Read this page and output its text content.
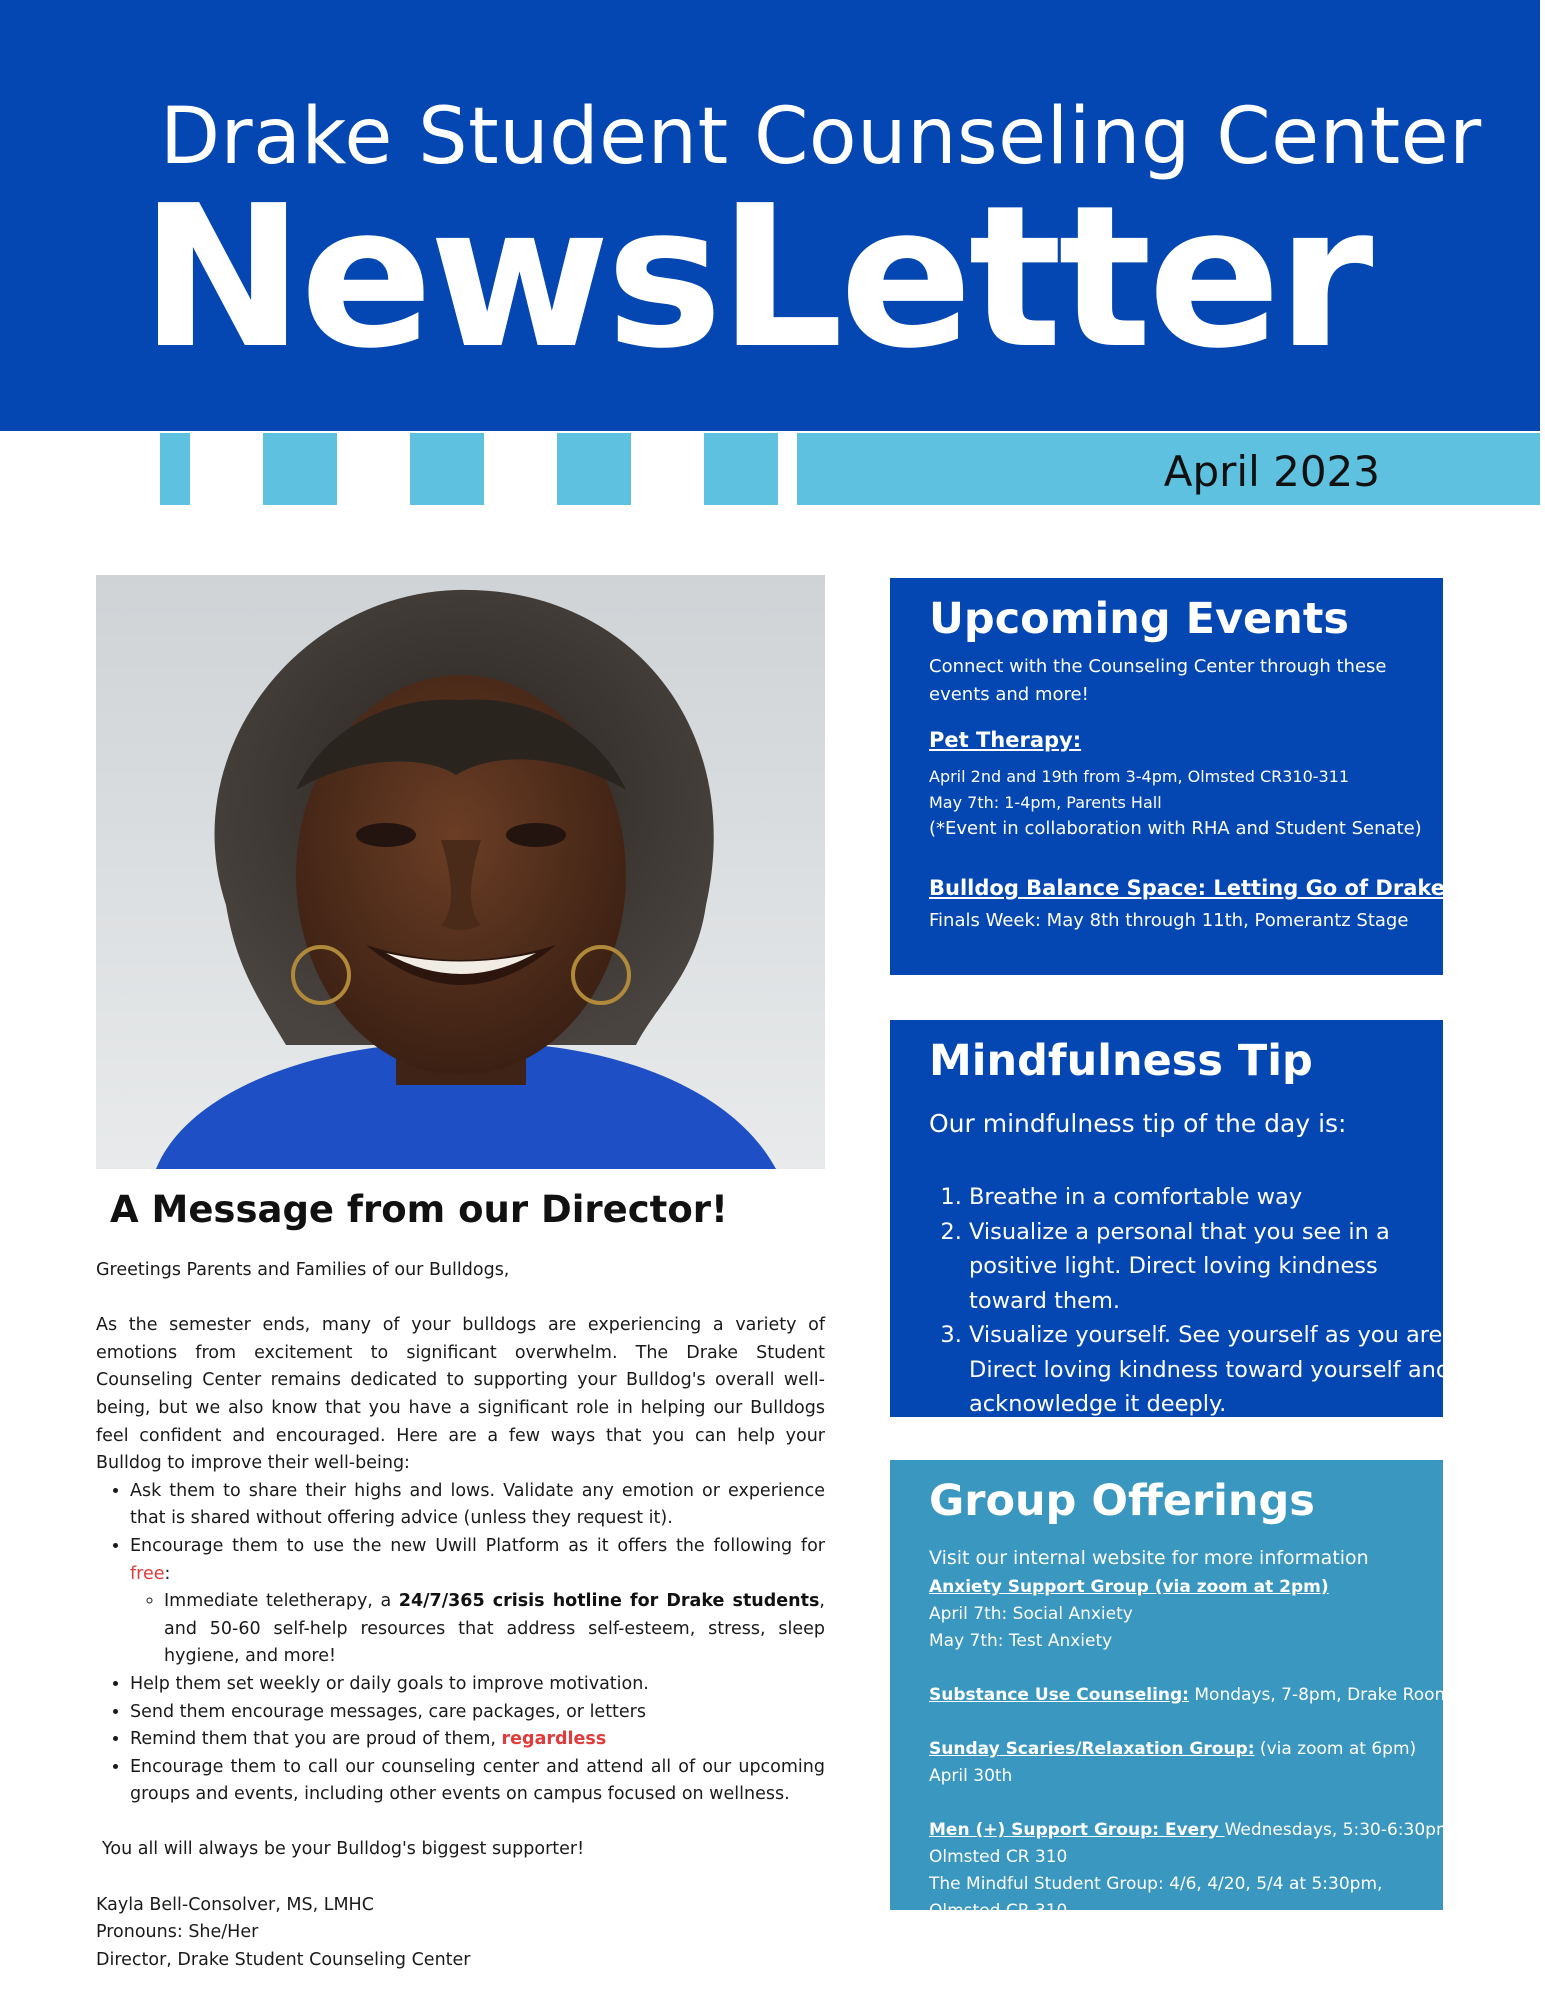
Drake Student Counseling Center
NewsLetter
April 2023
A Message from our Director!

Greetings Parents and Families of our Bulldogs,

As the semester ends, many of your bulldogs are experiencing a variety of emotions from excitement to significant overwhelm. The Drake Student Counseling Center remains dedicated to supporting your Bulldog's overall well-being, but we also know that you have a significant role in helping our Bulldogs feel confident and encouraged. Here are a few ways that you can help your Bulldog to improve their well-being:

• Ask them to share their highs and lows. Validate any emotion or experience that is shared without offering advice (unless they request it).
• Encourage them to use the new Uwill Platform as it offers the following for free:
◦ Immediate teletherapy, a 24/7/365 crisis hotline for Drake students, and 50-60 self-help resources that address self-esteem, stress, sleep hygiene, and more!
• Help them set weekly or daily goals to improve motivation.
• Send them encourage messages, care packages, or letters
• Remind them that you are proud of them, regardless
• Encourage them to call our counseling center and attend all of our upcoming groups and events, including other events on campus focused on wellness.

You all will always be your Bulldog's biggest supporter!

Kayla Bell-Consolver, MS, LMHC

Pronouns: She/Her

Director, Drake Student Counseling Center

Upcoming Events
Connect with the Counseling Center through these events and more!
Pet Therapy:
April 2nd and 19th from 3-4pm, Olmsted CR310-311
May 7th: 1-4pm, Parents Hall
(*Event in collaboration with RHA and Student Senate)
Bulldog Balance Space: Letting Go of Drake Busy
Finals Week: May 8th through 11th, Pomerantz Stage
Mindfulness Tip
Our mindfulness tip of the day is:
1. Breathe in a comfortable way
2. Visualize a personal that you see in a positive light. Direct loving kindness toward them.
3. Visualize yourself. See yourself as you are. Direct loving kindness toward yourself and acknowledge it deeply.
Group Offerings
Visit our internal website for more information
Anxiety Support Group (via zoom at 2pm)
April 7th: Social Anxiety
May 7th: Test Anxiety
Substance Use Counseling: Mondays, 7-8pm, Drake Room.
Sunday Scaries/Relaxation Group: (via zoom at 6pm)
April 30th
Men (+) Support Group: Every Wednesdays, 5:30-6:30pm,
Olmsted CR 310
The Mindful Student Group: 4/6, 4/20, 5/4 at 5:30pm,
Olmsted CR 310
